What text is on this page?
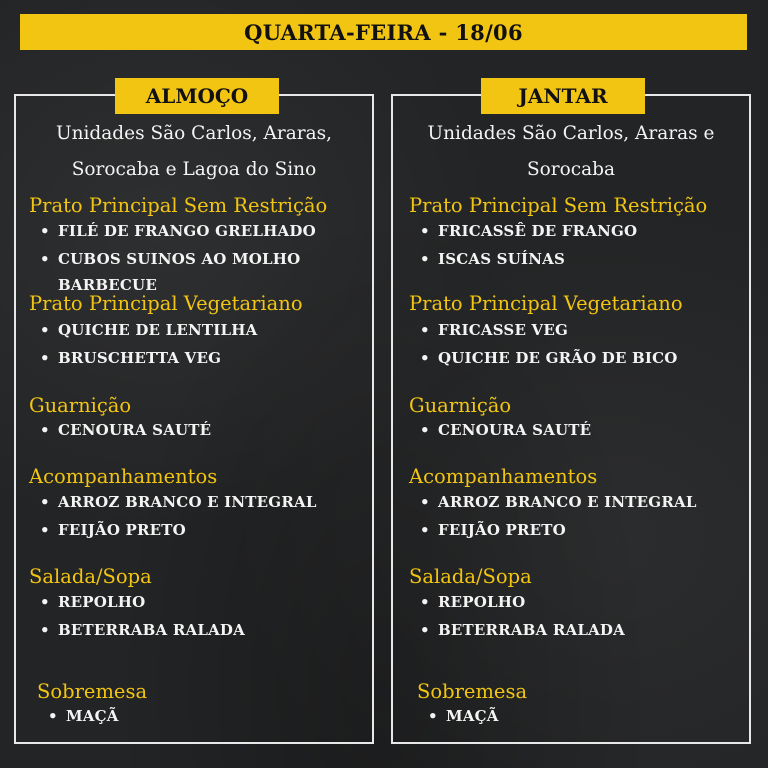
QUARTA-FEIRA - 18/06
ALMOÇO
Unidades São Carlos, Araras,
Sorocaba e Lagoa do Sino
Prato Principal Sem Restrição
• FILÉ DE FRANGO GRELHADO
• CUBOS SUINOS AO MOLHO
BARBECUE
Prato Principal Vegetariano
• QUICHE DE LENTILHA
• BRUSCHETTA VEG
Guarnição
• CENOURA SAUTÉ
Acompanhamentos
• ARROZ BRANCO E INTEGRAL
• FEIJÃO PRETO
Salada/Sopa
• REPOLHO
• BETERRABA RALADA
Sobremesa
• MAÇÃ
JANTAR
Unidades São Carlos, Araras e
Sorocaba
Prato Principal Sem Restrição
• FRICASSÊ DE FRANGO
• ISCAS SUÍNAS
Prato Principal Vegetariano
• FRICASSE VEG
• QUICHE DE GRÃO DE BICO
Guarnição
• CENOURA SAUTÉ
Acompanhamentos
• ARROZ BRANCO E INTEGRAL
• FEIJÃO PRETO
Salada/Sopa
• REPOLHO
• BETERRABA RALADA
Sobremesa
• MAÇÃ
